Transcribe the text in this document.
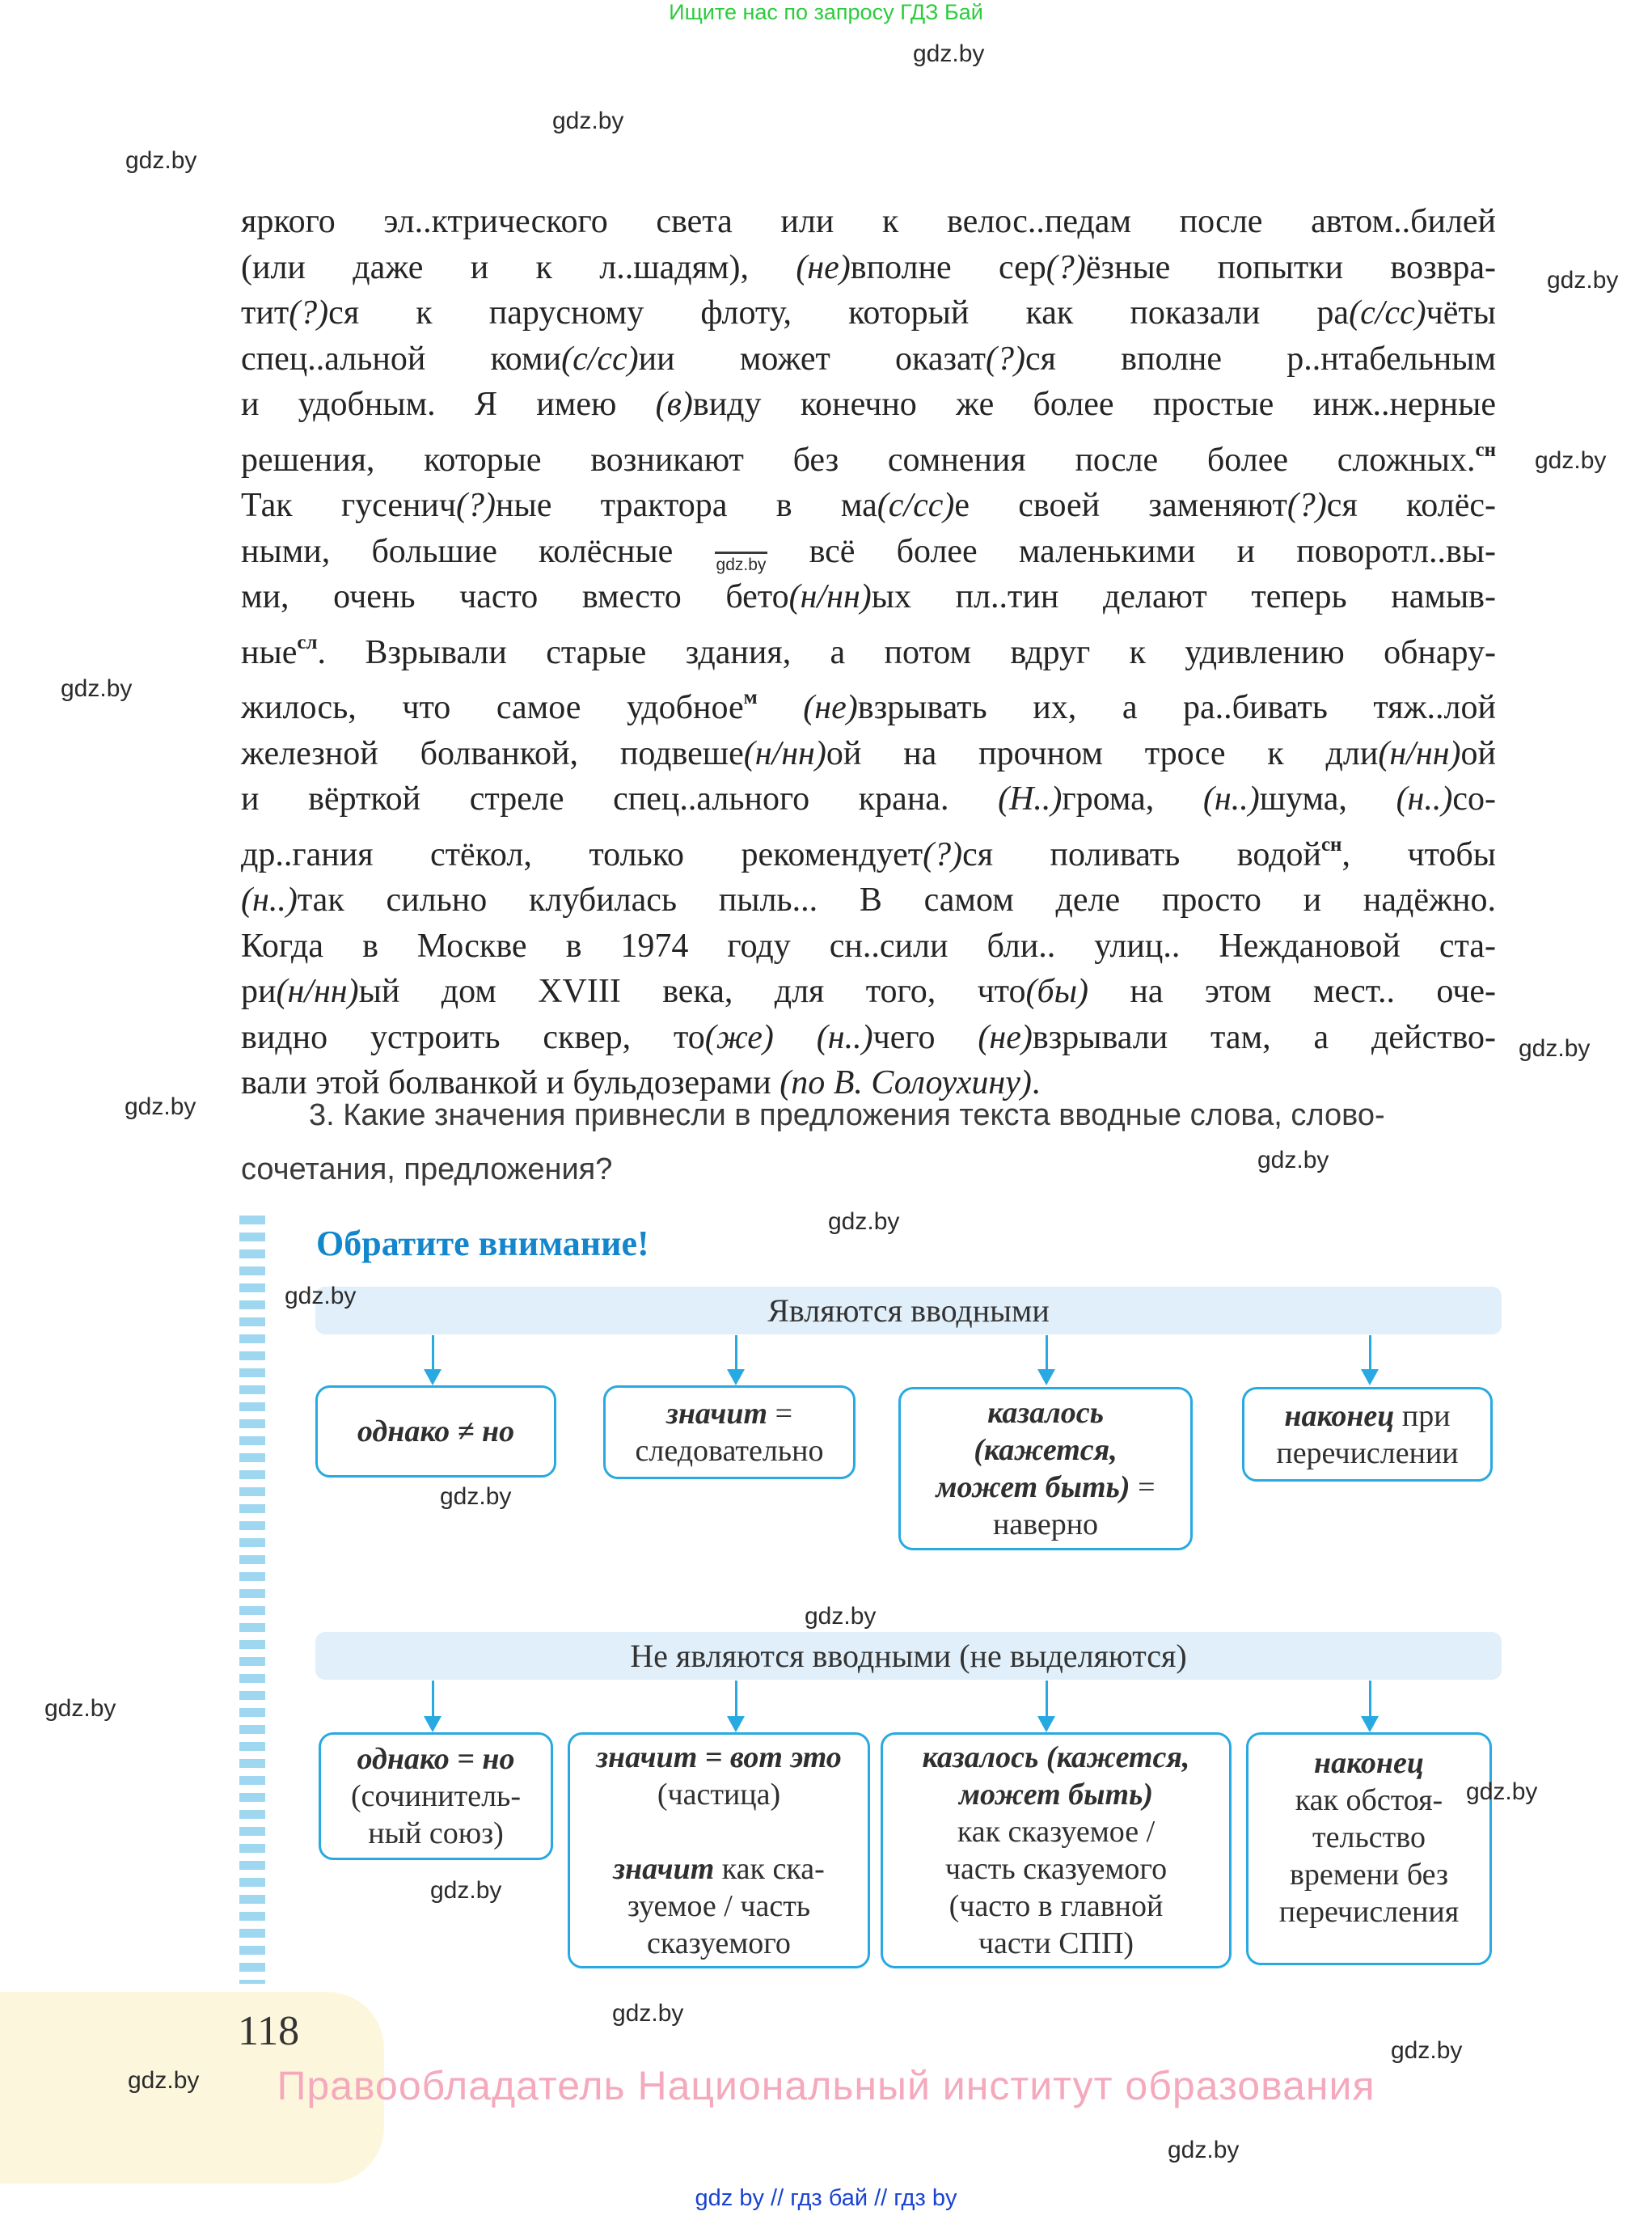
Ищите нас по запросу ГДЗ Бай
яркого эл..ктрического света или к велос..педам после автом..билей
(или даже и к л..шадям), (не)вполне сер(?)ёзные попытки возвра-
тит(?)ся к парусному флоту, который как показали ра(с/сс)чёты
спец..альной коми(с/сс)ии может оказат(?)ся вполне р..нтабельным
и удобным. Я имею (в)виду конечно же более простые инж..нерные
решения, которые возникают без сомнения после более сложных.$^{сн}$
Так гусенич(?)ные трактора в ма(с/сс)е своей заменяют(?)ся колёс-
ными, большие колёсные gdz.by всё более маленькими и поворотл..вы-
ми, очень часто вместо бето(н/нн)ых пл..тин делают теперь намыв-
ные$^{сл}$. Взрывали старые здания, а потом вдруг к удивлению обнару-
жилось, что самое удобное$^м$ (не)взрывать их, а ра..бивать тяж..лой
железной болванкой, подвеше(н/нн)ой на прочном тросе к дли(н/нн)ой
и вёрткой стреле спец..ального крана. (Н..)грома, (н..)шума, (н..)со-
др..гания стёкол, только рекомендует(?)ся поливать водой$^{сн}$, чтобы
(н..)так сильно клубилась пыль... В самом деле просто и надёжно.
Когда в Москве в 1974 году сн..сили бли.. улиц.. Неждановой ста-
ри(н/нн)ый дом XVIII века, для того, что(бы) на этом мест.. оче-
видно устроить сквер, то(же) (н..)чего (не)взрывали там, а действо-
вали этой болванкой и бульдозерами (по В. Солоухину).
3. Какие значения привнесли в предложения текста вводные слова, слово-
сочетания, предложения?
Обратите внимание!
Являются вводными
Не являются вводными (не выделяются)
однако ≠ но
значит =
следовательно
казалось
(кажется,
может быть) =
наверно
наконец при
перечислении
однако = но
(сочинитель-
ный союз)
значит = вот это
(частица)

значит как ска-
зуемое / часть
сказуемого
казалось (кажется,
может быть)
как сказуемое /
часть сказуемого
(часто в главной
части СПП)
наконец
как обстоя-
тельство
времени без
перечисления
118
Правообладатель Национальный институт образования
gdz by // гдз бай // гдз by
gdz.by
gdz.by
gdz.by
gdz.by
gdz.by
gdz.by
gdz.by
gdz.by
gdz.by
gdz.by
gdz.by
gdz.by
gdz.by
gdz.by
gdz.by
gdz.by
gdz.by
gdz.by
gdz.by
gdz.by
